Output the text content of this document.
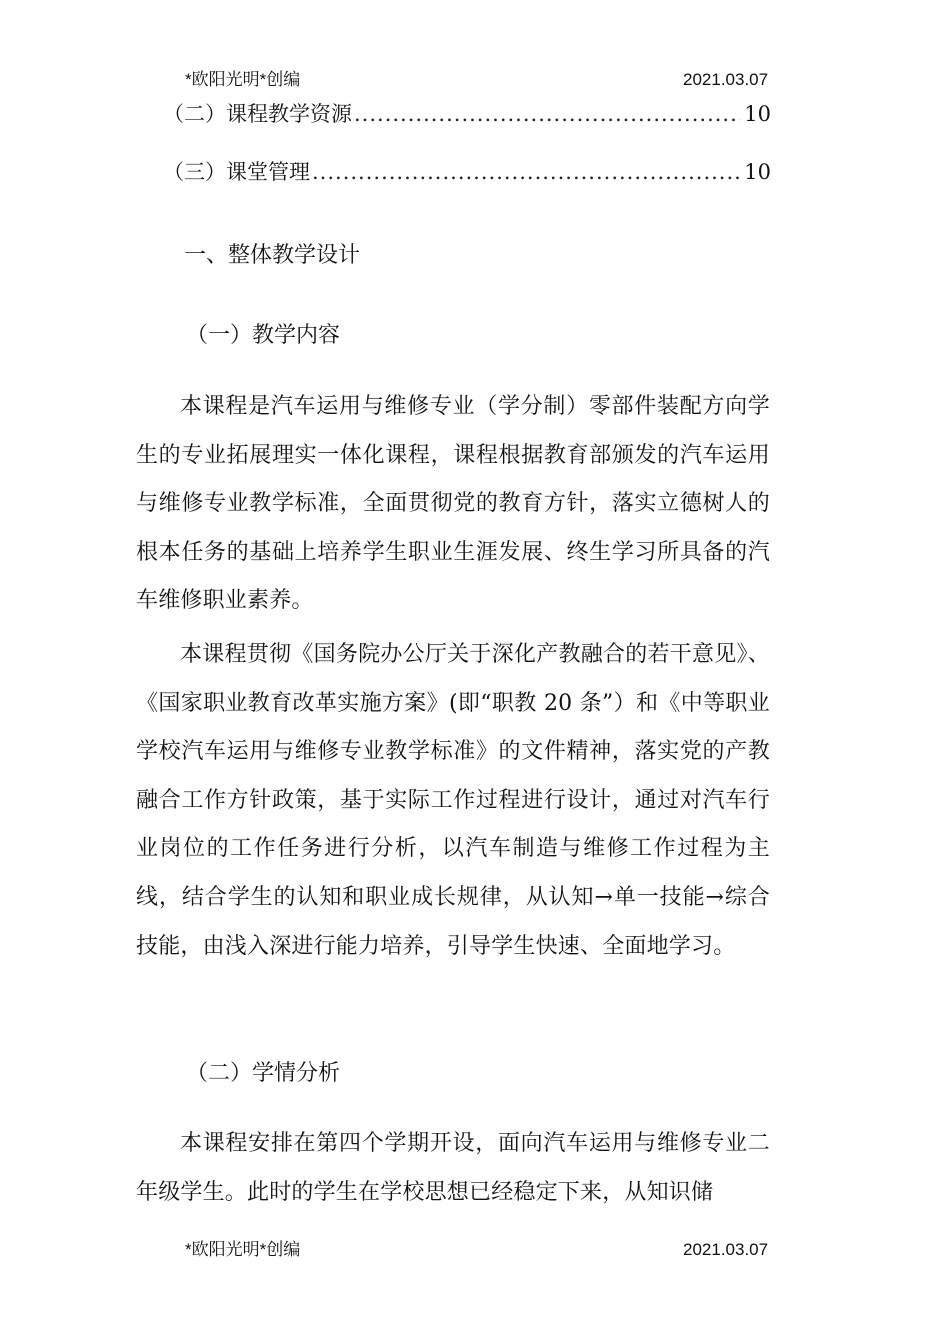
*欧阳光明*创编	2021.03.07
（二）课程教学资源 .....	10
（三）课堂管理 .....	10
一、整体教学设计
（一）教学内容

本课程是汽车运用与维修专业（学分制）零部件装配方向学生的专业拓展理实一体化课程，课程根据教育部颁发的汽车运用与维修专业教学标准，全面贯彻党的教育方针，落实立德树人的根本任务的基础上培养学生职业生涯发展、终生学习所具备的汽车维修职业素养。

本课程贯彻《国务院办公厅关于深化产教融合的若干意见》、《国家职业教育改革实施方案》(即“职教 20 条”）和《中等职业学校汽车运用与维修专业教学标准》的文件精神，落实党的产教融合工作方针政策，基于实际工作过程进行设计，通过对汽车行业岗位的工作任务进行分析，以汽车制造与维修工作过程为主线，结合学生的认知和职业成长规律，从认知→单一技能→综合技能，由浅入深进行能力培养，引导学生快速、全面地学习。

（二）学情分析

本课程安排在第四个学期开设，面向汽车运用与维修专业二年级学生。此时的学生在学校思想已经稳定下来，从知识储

*欧阳光明*创编	2021.03.07
